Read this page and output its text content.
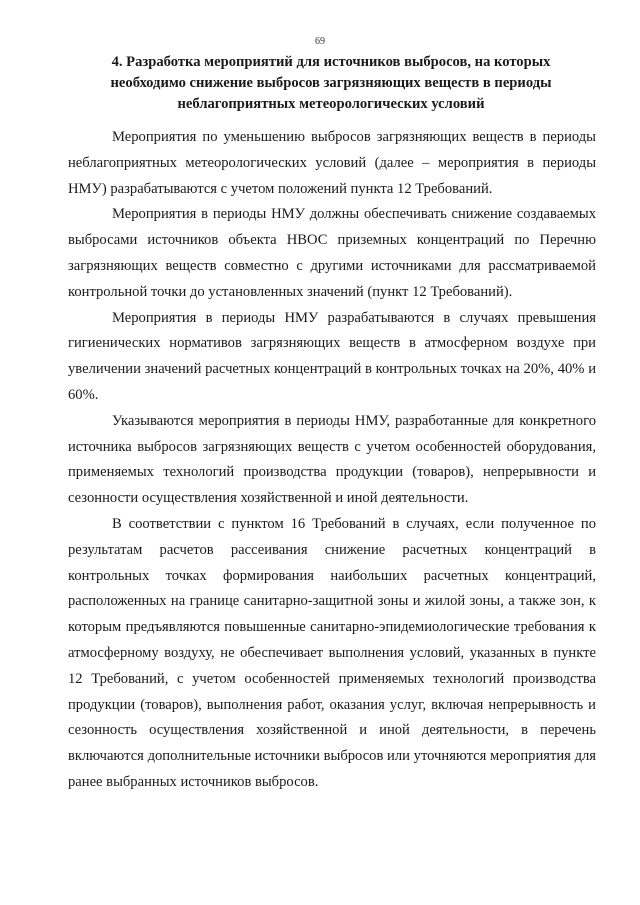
69
4. Разработка мероприятий для источников выбросов, на которых необходимо снижение выбросов загрязняющих веществ в периоды неблагоприятных метеорологических условий

Мероприятия по уменьшению выбросов загрязняющих веществ в периоды неблагоприятных метеорологических условий (далее – мероприятия в периоды НМУ) разрабатываются с учетом положений пункта 12 Требований.

Мероприятия в периоды НМУ должны обеспечивать снижение создаваемых выбросами источников объекта НВОС приземных концентраций по Перечню загрязняющих веществ совместно с другими источниками для рассматриваемой контрольной точки до установленных значений (пункт 12 Требований).

Мероприятия в периоды НМУ разрабатываются в случаях превышения гигиенических нормативов загрязняющих веществ в атмосферном воздухе при увеличении значений расчетных концентраций в контрольных точках на 20%, 40% и 60%.

Указываются мероприятия в периоды НМУ, разработанные для конкретного источника выбросов загрязняющих веществ с учетом особенностей оборудования, применяемых технологий производства продукции (товаров), непрерывности и сезонности осуществления хозяйственной и иной деятельности.

В соответствии с пунктом 16 Требований в случаях, если полученное по результатам расчетов рассеивания снижение расчетных концентраций в контрольных точках формирования наибольших расчетных концентраций, расположенных на границе санитарно-защитной зоны и жилой зоны, а также зон, к которым предъявляются повышенные санитарно-эпидемиологические требования к атмосферному воздуху, не обеспечивает выполнения условий, указанных в пункте 12 Требований, с учетом особенностей применяемых технологий производства продукции (товаров), выполнения работ, оказания услуг, включая непрерывность и сезонность осуществления хозяйственной и иной деятельности, в перечень включаются дополнительные источники выбросов или уточняются мероприятия для ранее выбранных источников выбросов.
